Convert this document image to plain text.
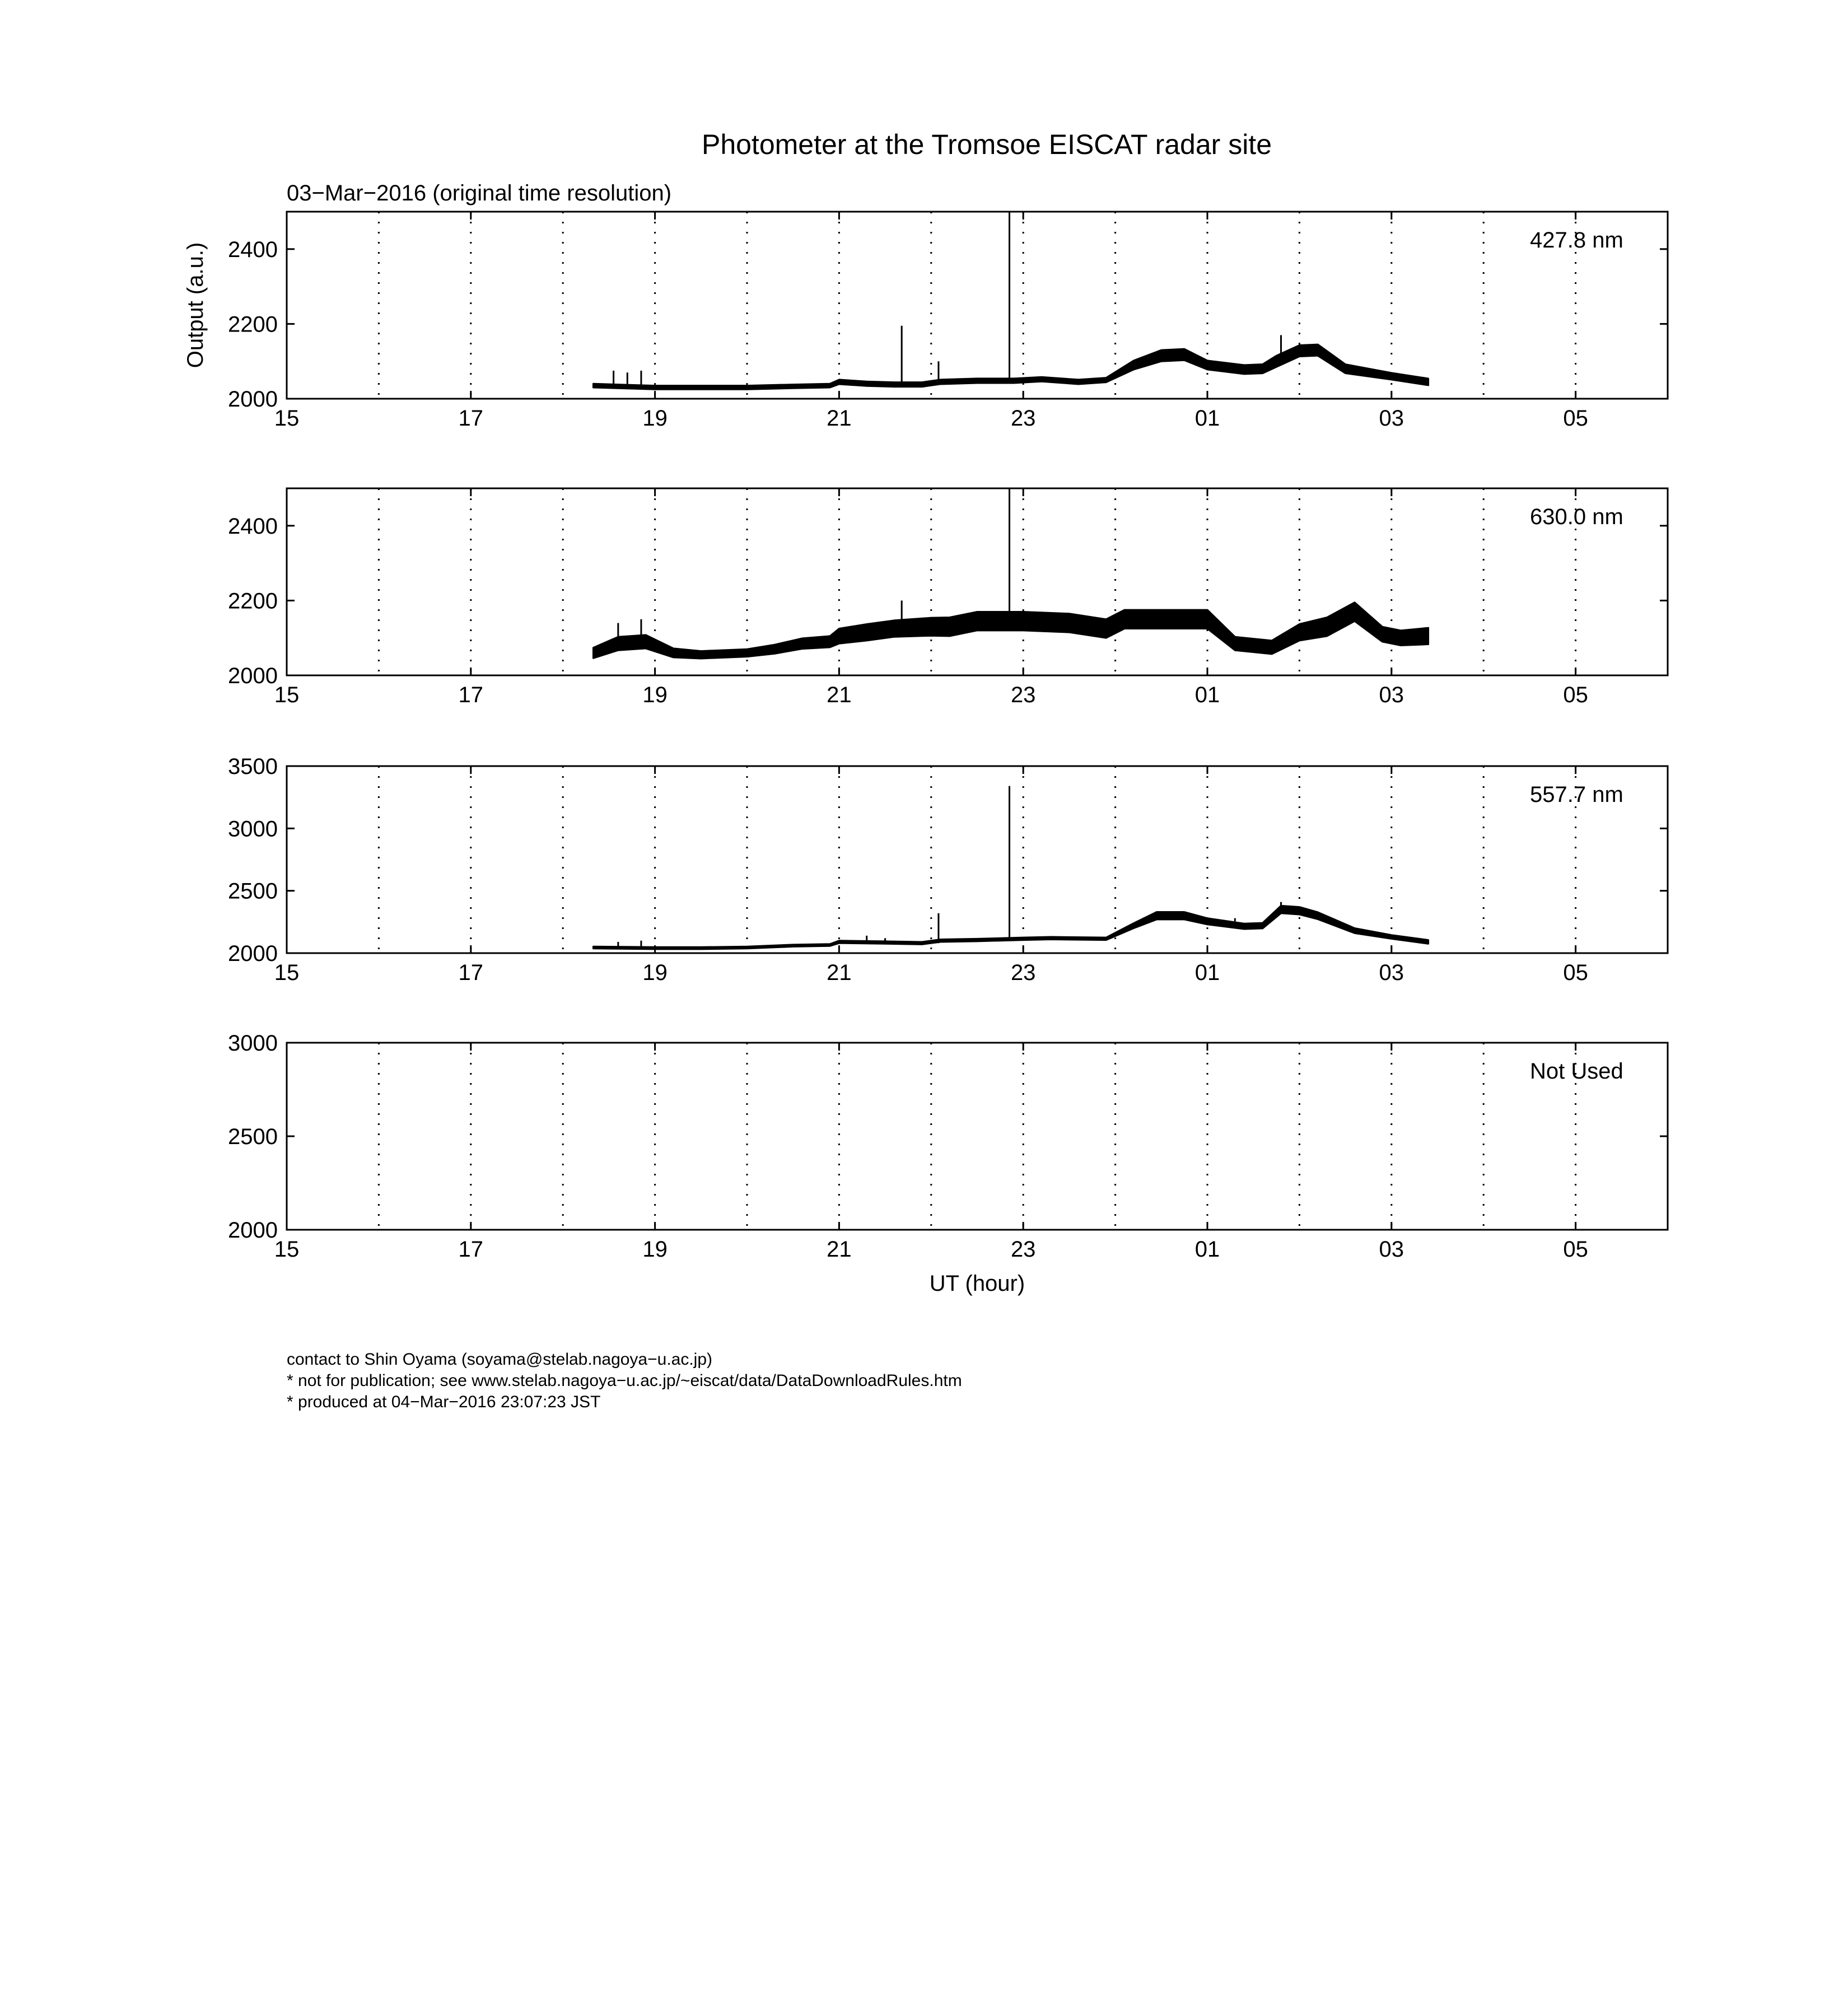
Photometer at the Tromsoe EISCAT radar site
03−Mar−2016 (original time resolution)
Output (a.u.)
UT (hour)
15	17	19	21	23	01	03	05
2000
2200
2400	427.8 nm
15	17	19	21	23	01	03	05
2000
2200
2400	630.0 nm
15	17	19	21	23	01	03	05
2000
2500
3000
3500
557.7 nm
15	17	19	21	23	01	03	05
2000
2500
3000
Not Used
contact to Shin Oyama (soyama@stelab.nagoya−u.ac.jp)
* not for publication; see www.stelab.nagoya−u.ac.jp/~eiscat/data/DataDownloadRules.htm
* produced at 04−Mar−2016 23:07:23 JST
